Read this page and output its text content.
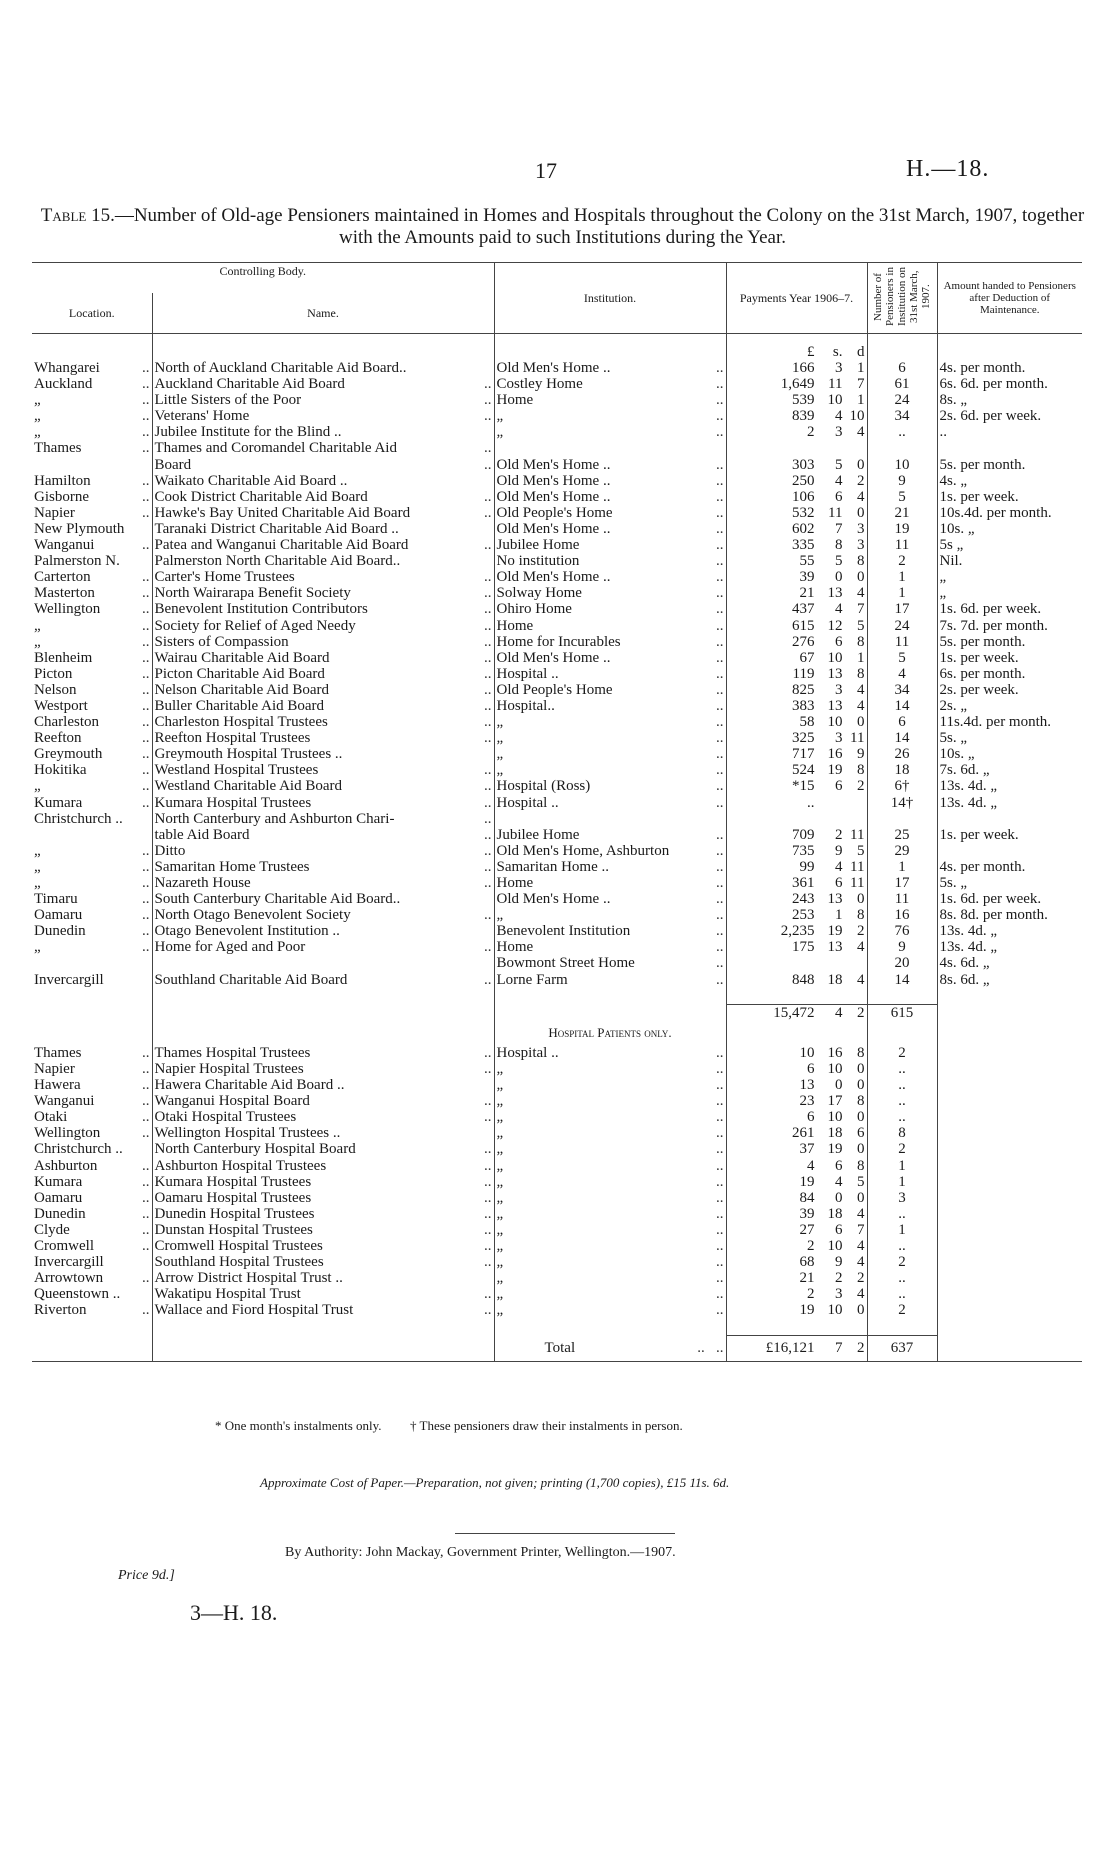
17	H.—18.
Table 15.—Number of Old-age Pensioners maintained in Homes and Hospitals throughout the Colony on the 31st March, 1907, together with the Amounts paid to such Institutions during the Year.
Controlling Body.		Institution.	Payments Year 1906–7.	Number of Pensioners in Institution on 31st March, 1907.	Amount handed to Pensioners after Deduction of Maintenance.
Location.	Name.				

			£ s. d		

Whangarei ..	North of Auckland Charitable Aid Board..	Old Men's Home .. ..	166 3 1	6	4s. per month.
Auckland ..	Auckland Charitable Aid Board ..	Costley Home ..	1,649 11 7	61	6s. 6d. per month.
„ ..	Little Sisters of the Poor ..	Home ..	539 10 1	24	8s. „
„ ..	Veterans' Home ..	„ ..	839 4 10	34	2s. 6d. per week.
„ ..	Jubilee Institute for the Blind ..	„ ..	2 3 4	..	..
Thames ..	Thames and Coromandel Charitable Aid ..				

	Board ..	Old Men's Home .. ..	303 5 0	10	5s. per month.
Hamilton ..	Waikato Charitable Aid Board ..	Old Men's Home .. ..	250 4 2	9	4s. „
Gisborne ..	Cook District Charitable Aid Board ..	Old Men's Home .. ..	106 6 4	5	1s. per week.
Napier ..	Hawke's Bay United Charitable Aid Board ..	Old People's Home ..	532 11 0	21	10s.4d. per month.
New Plymouth	Taranaki District Charitable Aid Board ..	Old Men's Home .. ..	602 7 3	19	10s. „
Wanganui ..	Patea and Wanganui Charitable Aid Board ..	Jubilee Home ..	335 8 3	11	5s „
Palmerston N.	Palmerston North Charitable Aid Board..	No institution ..	55 5 8	2	Nil.
Carterton ..	Carter's Home Trustees ..	Old Men's Home .. ..	39 0 0	1	„
Masterton ..	North Wairarapa Benefit Society ..	Solway Home ..	21 13 4	1	„
Wellington ..	Benevolent Institution Contributors ..	Ohiro Home ..	437 4 7	17	1s. 6d. per week.
„ ..	Society for Relief of Aged Needy ..	Home ..	615 12 5	24	7s. 7d. per month.
„ ..	Sisters of Compassion ..	Home for Incurables ..	276 6 8	11	5s. per month.
Blenheim ..	Wairau Charitable Aid Board ..	Old Men's Home .. ..	67 10 1	5	1s. per week.
Picton ..	Picton Charitable Aid Board ..	Hospital .. ..	119 13 8	4	6s. per month.
Nelson ..	Nelson Charitable Aid Board ..	Old People's Home ..	825 3 4	34	2s. per week.
Westport ..	Buller Charitable Aid Board ..	Hospital.. ..	383 13 4	14	2s. „
Charleston ..	Charleston Hospital Trustees ..	„ ..	58 10 0	6	11s.4d. per month.
Reefton ..	Reefton Hospital Trustees ..	„ ..	325 3 11	14	5s. „
Greymouth ..	Greymouth Hospital Trustees ..	„ ..	717 16 9	26	10s. „
Hokitika ..	Westland Hospital Trustees ..	„ ..	524 19 8	18	7s. 6d. „
„ ..	Westland Charitable Aid Board ..	Hospital (Ross) ..	*15 6 2	6†	13s. 4d. „
Kumara ..	Kumara Hospital Trustees ..	Hospital .. ..	..	14†	13s. 4d. „
Christchurch ..	North Canterbury and Ashburton Chari- ..				

	table Aid Board ..	Jubilee Home ..	709 2 11	25	1s. per week.
„ ..	Ditto ..	Old Men's Home, Ashburton ..	735 9 5	29	
„ ..	Samaritan Home Trustees ..	Samaritan Home .. ..	99 4 11	1	4s. per month.
„ ..	Nazareth House ..	Home ..	361 6 11	17	5s. „
Timaru ..	South Canterbury Charitable Aid Board..	Old Men's Home .. ..	243 13 0	11	1s. 6d. per week.
Oamaru ..	North Otago Benevolent Society ..	„ ..	253 1 8	16	8s. 8d. per month.
Dunedin ..	Otago Benevolent Institution ..	Benevolent Institution ..	2,235 19 2	76	13s. 4d. „
„ ..	Home for Aged and Poor ..	Home ..	175 13 4	9	13s. 4d. „
		Bowmont Street Home ..		20	4s. 6d. „
Invercargill	Southland Charitable Aid Board ..	Lorne Farm ..	848 18 4	14	8s. 6d. „

			15,472 4 2	615	
		Hospital Patients only.			
Thames ..	Thames Hospital Trustees ..	Hospital .. ..	10 16 8	2	
Napier ..	Napier Hospital Trustees ..	„ ..	6 10 0	..	
Hawera ..	Hawera Charitable Aid Board ..	„ ..	13 0 0	..	
Wanganui ..	Wanganui Hospital Board ..	„ ..	23 17 8	..	
Otaki ..	Otaki Hospital Trustees ..	„ ..	6 10 0	..	
Wellington ..	Wellington Hospital Trustees ..	„ ..	261 18 6	8	
Christchurch ..	North Canterbury Hospital Board ..	„ ..	37 19 0	2	
Ashburton ..	Ashburton Hospital Trustees ..	„ ..	4 6 8	1	
Kumara ..	Kumara Hospital Trustees ..	„ ..	19 4 5	1	
Oamaru ..	Oamaru Hospital Trustees ..	„ ..	84 0 0	3	
Dunedin ..	Dunedin Hospital Trustees ..	„ ..	39 18 4	..	
Clyde ..	Dunstan Hospital Trustees ..	„ ..	27 6 7	1	
Cromwell ..	Cromwell Hospital Trustees ..	„ ..	2 10 4	..	
Invercargill	Southland Hospital Trustees ..	„ ..	68 9 4	2	
Arrowtown ..	Arrow District Hospital Trust ..	„ ..	21 2 2	..	
Queenstown ..	Wakatipu Hospital Trust ..	„ ..	2 3 4	..	
Riverton ..	Wallace and Fiord Hospital Trust ..	„ ..	19 10 0	2	

		Total ..   ..	£16,121 7 2	637	
* One month's instalments only. † These pensioners draw their instalments in person.
Approximate Cost of Paper.—Preparation, not given; printing (1,700 copies), £15 11s. 6d.
By Authority: John Mackay, Government Printer, Wellington.—1907.
Price 9d.]
3—H. 18.
